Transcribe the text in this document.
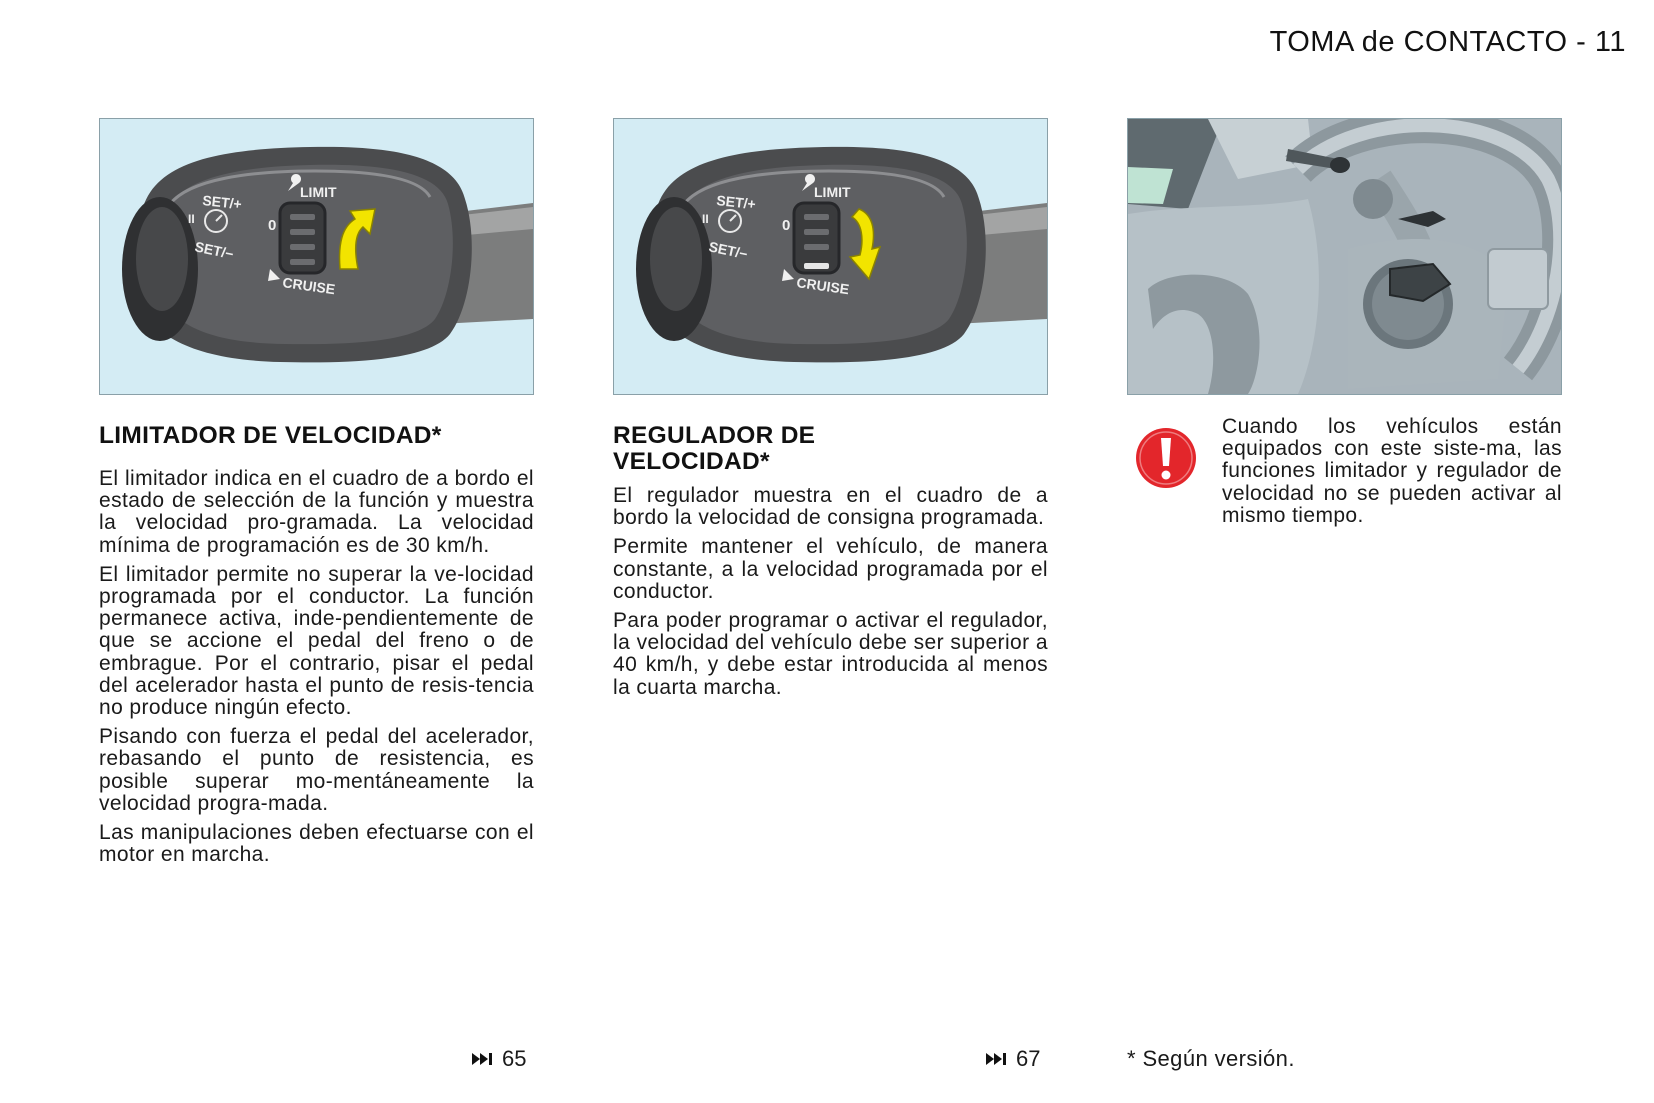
TOMA de CONTACTO - 11
SET/+
SET/−
II
LIMIT
0
CRUISE
LIMITADOR DE VELOCIDAD*

El limitador indica en el cuadro de a bordo el estado de selección de la función y muestra la velocidad pro-gramada. La velocidad mínima de programación es de 30 km/h.

El limitador permite no superar la ve-locidad programada por el conductor. La función permanece activa, inde-pendientemente de que se accione el pedal del freno o de embrague. Por el contrario, pisar el pedal del acelerador hasta el punto de resis-tencia no produce ningún efecto.

Pisando con fuerza el pedal del acelerador, rebasando el punto de resistencia, es posible superar mo-mentáneamente la velocidad progra-mada.

Las manipulaciones deben efectuarse con el motor en marcha.

SET/+
SET/−
II
LIMIT
0
CRUISE
REGULADOR DE
VELOCIDAD*

El regulador muestra en el cuadro de a bordo la velocidad de consigna programada.

Permite mantener el vehículo, de manera constante, a la velocidad programada por el conductor.

Para poder programar o activar el regulador, la velocidad del vehículo debe ser superior a 40 km/h, y debe estar introducida al menos la cuarta marcha.

Cuando los vehículos están equipados con este siste-ma, las funciones limitador y regulador de velocidad no se pueden activar al mismo tiempo.
65	67	* Según versión.
